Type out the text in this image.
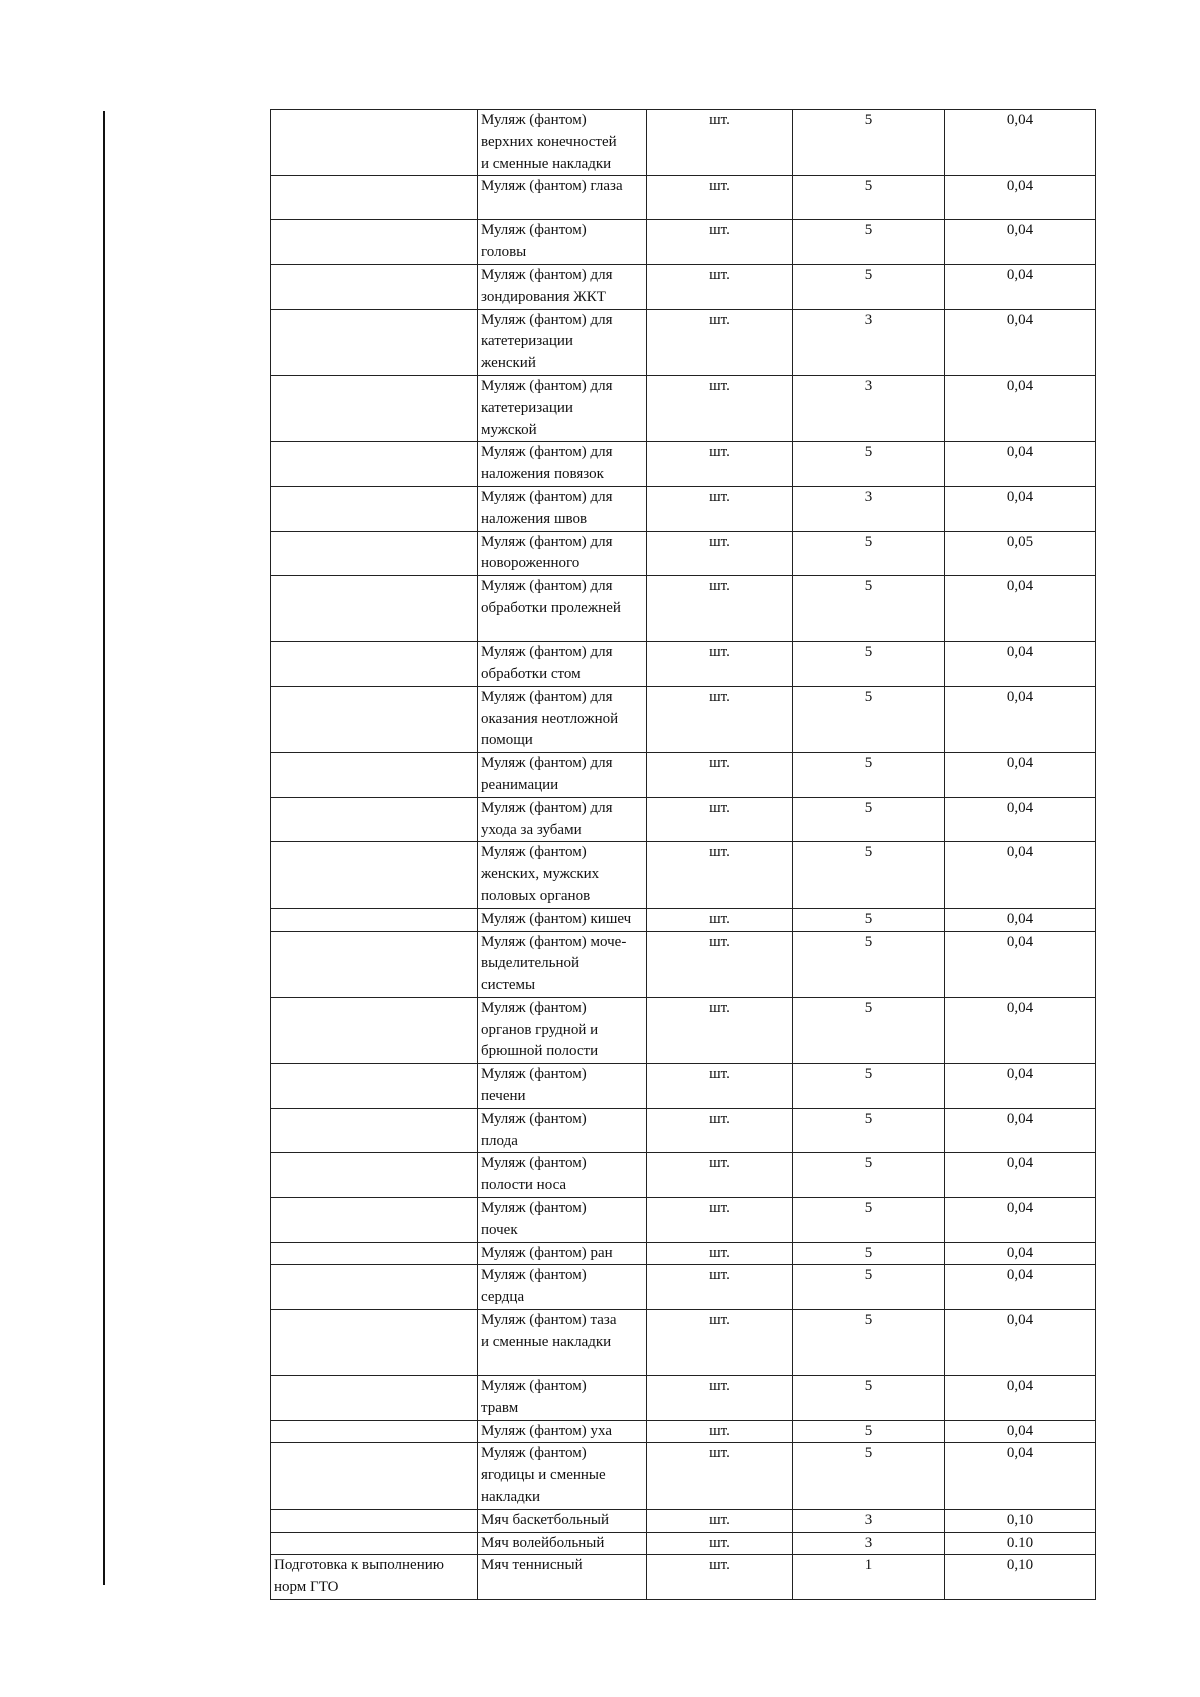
	Муляж (фантом)
верхних конечностей
и сменные накладки	шт.	5	0,04
	Муляж (фантом) глаза	шт.	5	0,04
	Муляж (фантом)
головы	шт.	5	0,04
	Муляж (фантом) для
зондирования ЖКТ	шт.	5	0,04
	Муляж (фантом) для
катетеризации
женский	шт.	3	0,04
	Муляж (фантом) для
катетеризации
мужской	шт.	3	0,04
	Муляж (фантом) для
наложения повязок	шт.	5	0,04
	Муляж (фантом) для
наложения швов	шт.	3	0,04
	Муляж (фантом) для
новороженного	шт.	5	0,05
	Муляж (фантом) для
обработки пролежней	шт.	5	0,04
	Муляж (фантом) для
обработки стом	шт.	5	0,04
	Муляж (фантом) для
оказания неотложной
помощи	шт.	5	0,04
	Муляж (фантом) для
реанимации	шт.	5	0,04
	Муляж (фантом) для
ухода за зубами	шт.	5	0,04
	Муляж (фантом)
женских, мужских
половых органов	шт.	5	0,04
	Муляж (фантом) кишеч	шт.	5	0,04
	Муляж (фантом) моче-
выделительной
системы	шт.	5	0,04
	Муляж (фантом)
органов грудной и
брюшной полости	шт.	5	0,04
	Муляж (фантом)
печени	шт.	5	0,04
	Муляж (фантом)
плода	шт.	5	0,04
	Муляж (фантом)
полости носа	шт.	5	0,04
	Муляж (фантом)
почек	шт.	5	0,04
	Муляж (фантом) ран	шт.	5	0,04
	Муляж (фантом)
сердца	шт.	5	0,04
	Муляж (фантом) таза
и сменные накладки	шт.	5	0,04
	Муляж (фантом)
травм	шт.	5	0,04
	Муляж (фантом) уха	шт.	5	0,04
	Муляж (фантом)
ягодицы и сменные
накладки	шт.	5	0,04
	Мяч баскетбольный	шт.	3	0,10
	Мяч волейбольный	шт.	3	0.10
Подготовка к выполнению
норм ГТО	Мяч теннисный	шт.	1	0,10
